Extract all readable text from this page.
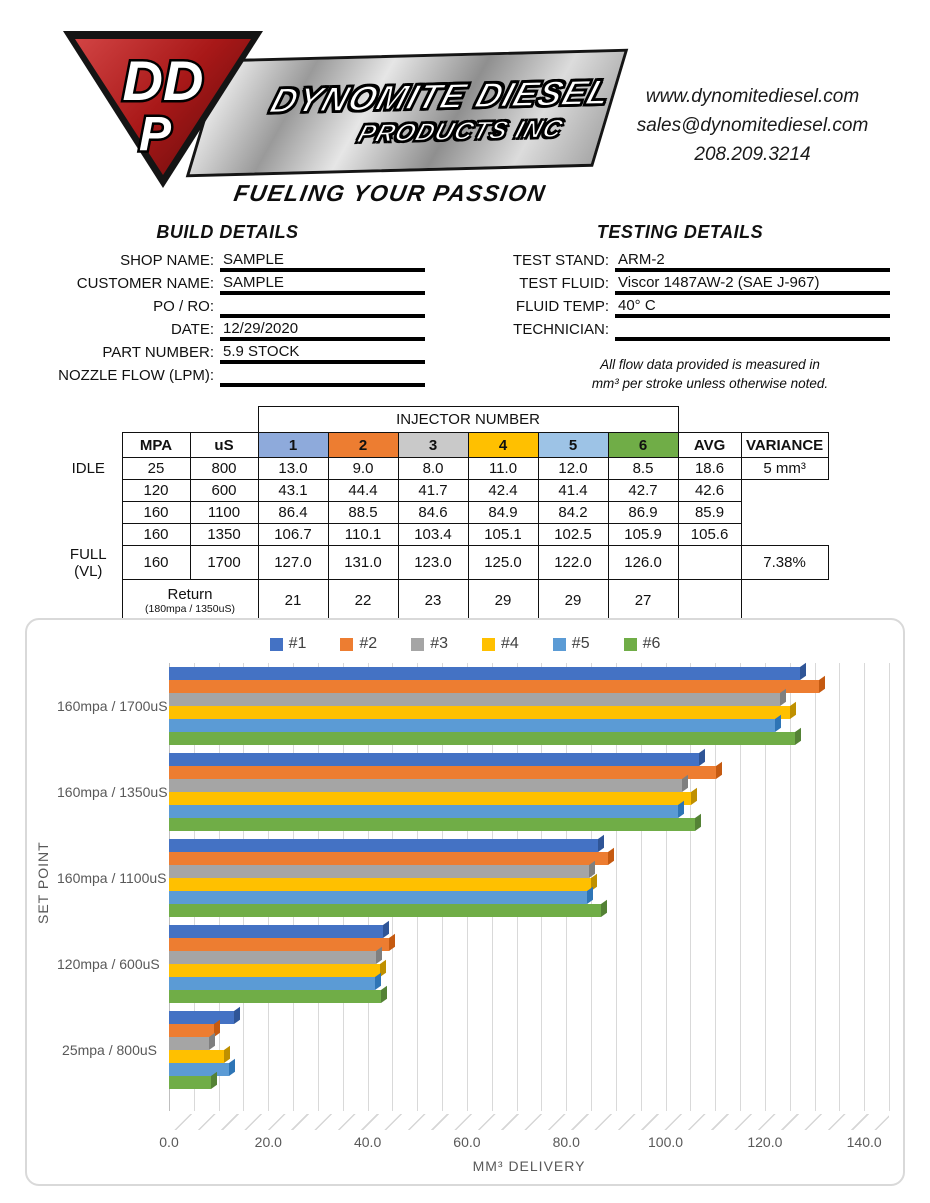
DYNOMITE DIESEL
PRODUCTS INC
DD
P
FUELING YOUR PASSION
www.dynomitediesel.com
sales@dynomitediesel.com
208.209.3214
BUILD DETAILS
SHOP NAME: SAMPLE
CUSTOMER NAME: SAMPLE
PO / RO:
DATE: 12/29/2020
PART NUMBER: 5.9 STOCK
NOZZLE FLOW (LPM):
TESTING DETAILS
TEST STAND: ARM-2
TEST FLUID: Viscor 1487AW-2 (SAE J-967)
FLUID TEMP: 40° C
TECHNICIAN:
All flow data provided is measured in
mm³ per stroke unless otherwise noted.
			INJECTOR NUMBER							
	MPA	uS	1	2	3	4	5	6	AVG	VARIANCE
IDLE	25	800	13.0	9.0	8.0	11.0	12.0	8.5	18.6	5 mm³
	120	600	43.1	44.4	41.7	42.4	41.4	42.7	42.6	
	160	1100	86.4	88.5	84.6	84.9	84.2	86.9	85.9	
	160	1350	106.7	110.1	103.4	105.1	102.5	105.9	105.6	
FULL (VL)	160	1700	127.0	131.0	123.0	125.0	122.0	126.0		7.38%

	Return
(180mpa / 1350uS)		21	22	23	29	29	27		
#1	#2	#3	#4	#5	#6
SET POINT
160mpa / 1700uS
160mpa / 1350uS
160mpa / 1100uS
120mpa / 600uS
25mpa / 800uS
0.0	20.0	40.0	60.0	80.0	100.0	120.0	140.0
MM³ DELIVERY
